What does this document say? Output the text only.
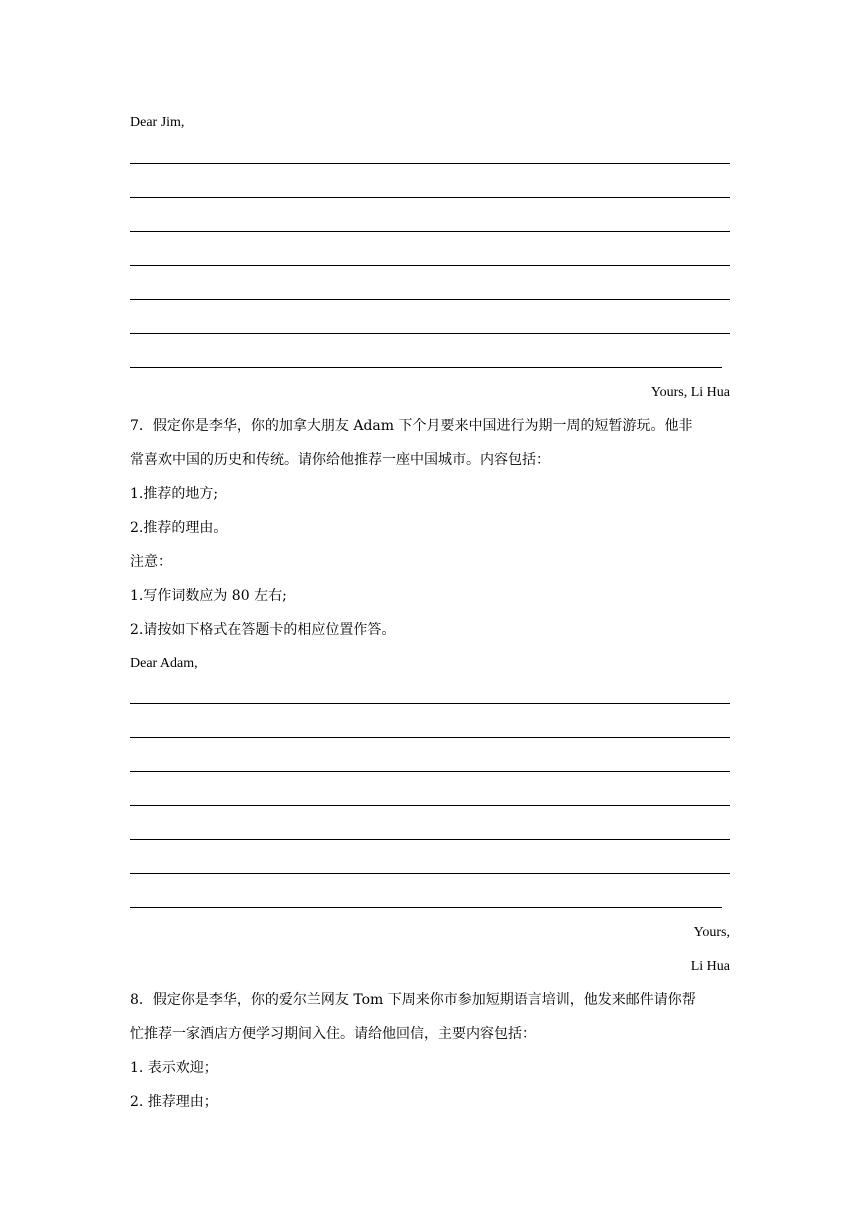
Dear Jim,
Yours, Li Hua
7．假定你是李华，你的加拿大朋友 Adam 下个月要来中国进行为期一周的短暂游玩。他非
常喜欢中国的历史和传统。请你给他推荐一座中国城市。内容包括：
1.推荐的地方;
2.推荐的理由。
注意：
1.写作词数应为 80 左右;
2.请按如下格式在答题卡的相应位置作答。
Dear Adam,
Yours,
Li Hua
8．假定你是李华，你的爱尔兰网友 Tom 下周来你市参加短期语言培训，他发来邮件请你帮
忙推荐一家酒店方便学习期间入住。请给他回信，主要内容包括：
1. 表示欢迎；
2. 推荐理由；
